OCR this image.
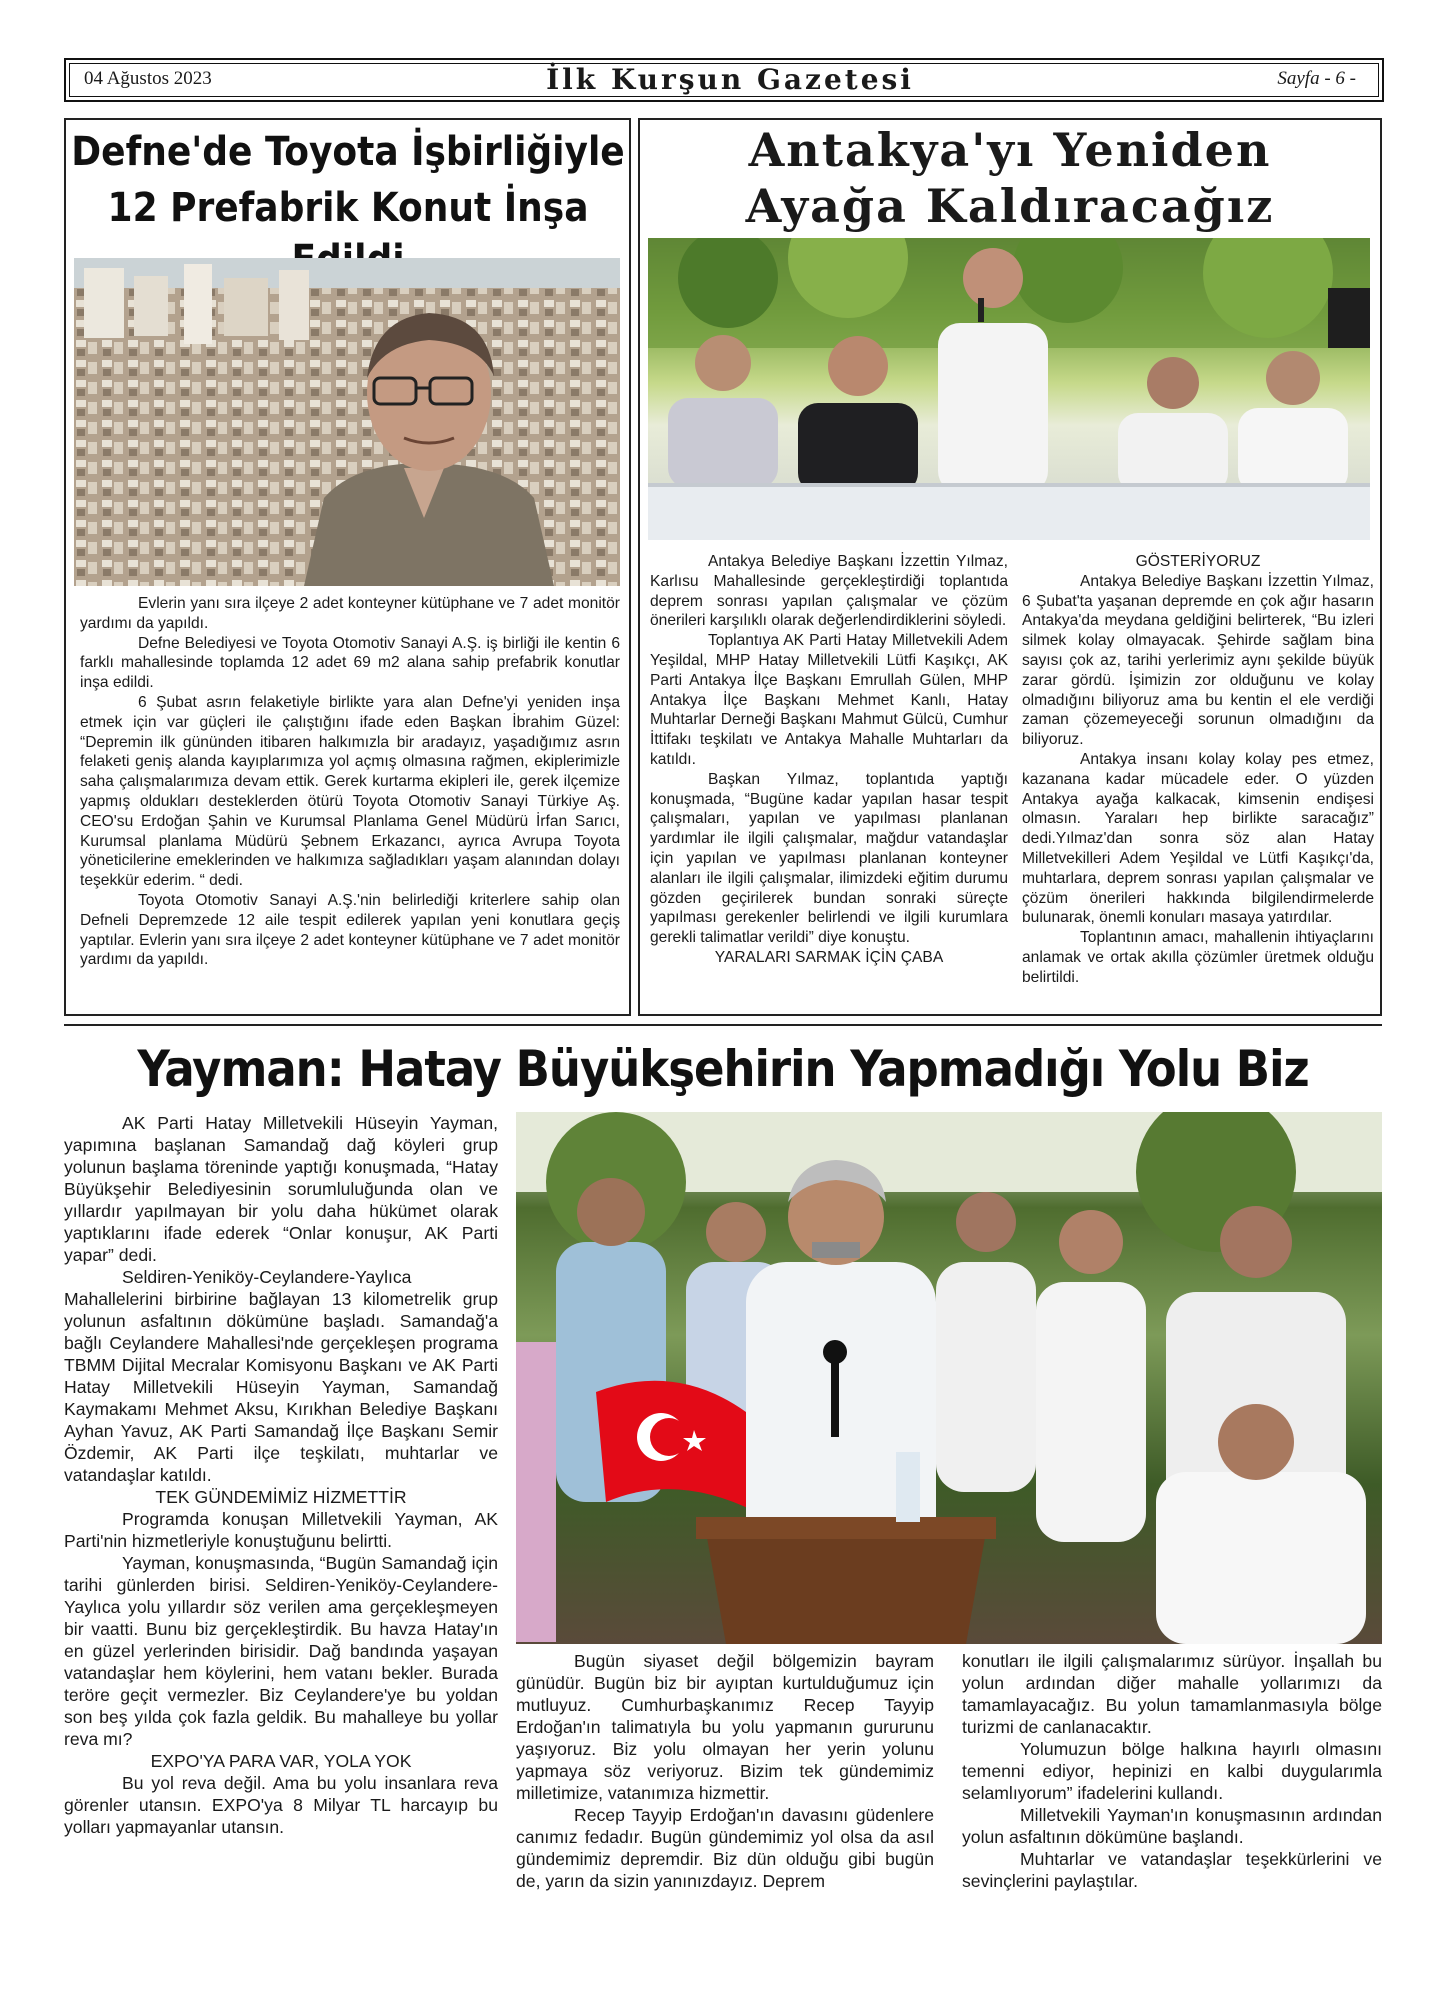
04 Ağustos 2023	İlk Kurşun Gazetesi	Sayfa - 6 -
Defne'de Toyota İşbirliğiyle
12 Prefabrik Konut İnşa

Evlerin yanı sıra ilçeye 2 adet konteyner kütüphane ve 7 adet monitör yardımı da yapıldı.

Defne Belediyesi ve Toyota Otomotiv Sanayi A.Ş. iş birliği ile kentin 6 farklı mahallesinde toplamda 12 adet 69 m2 alana sahip prefabrik konutlar inşa edildi.

6 Şubat asrın felaketiyle birlikte yara alan Defne'yi yeniden inşa etmek için var güçleri ile çalıştığını ifade eden Başkan İbrahim Güzel: “Depremin ilk gününden itibaren halkımızla bir aradayız, yaşadığımız asrın felaketi geniş alanda kayıplarımıza yol açmış olmasına rağmen, ekiplerimizle saha çalışmalarımıza devam ettik. Gerek kurtarma ekipleri ile, gerek ilçemize yapmış oldukları desteklerden ötürü Toyota Otomotiv Sanayi Türkiye Aş. CEO'su Erdoğan Şahin ve Kurumsal Planlama Genel Müdürü İrfan Sarıcı, Kurumsal planlama Müdürü Şebnem Erkazancı, ayrıca Avrupa Toyota yöneticilerine emeklerinden ve halkımıza sağladıkları yaşam alanından dolayı teşekkür ederim. “ dedi.

Toyota Otomotiv Sanayi A.Ş.'nin belirlediği kriterlere sahip olan Defneli Depremzede 12 aile tespit edilerek yapılan yeni konutlara geçiş yaptılar. Evlerin yanı sıra ilçeye 2 adet konteyner kütüphane ve 7 adet monitör yardımı da yapıldı.

Antakya'yı Yeniden
Ayağa Kaldıracağız

Antakya Belediye Başkanı İzzettin Yılmaz, Karlısu Mahallesinde gerçekleştirdiği toplantıda deprem sonrası yapılan çalışmalar ve çözüm önerileri karşılıklı olarak değerlendirdiklerini söyledi.

Toplantıya AK Parti Hatay Milletvekili Adem Yeşildal, MHP Hatay Milletvekili Lütfi Kaşıkçı, AK Parti Antakya İlçe Başkanı Emrullah Gülen, MHP Antakya İlçe Başkanı Mehmet Kanlı, Hatay Muhtarlar Derneği Başkanı Mahmut Gülcü, Cumhur İttifakı teşkilatı ve Antakya Mahalle Muhtarları da katıldı.

Başkan Yılmaz, toplantıda yaptığı konuşmada, “Bugüne kadar yapılan hasar tespit çalışmaları, yapılan ve yapılması planlanan yardımlar ile ilgili çalışmalar, mağdur vatandaşlar için yapılan ve yapılması planlanan konteyner alanları ile ilgili çalışmalar, ilimizdeki eğitim durumu gözden geçirilerek bundan sonraki süreçte yapılması gerekenler belirlendi ve ilgili kurumlara gerekli talimatlar verildi” diye konuştu.

YARALARI SARMAK İÇİN ÇABA

GÖSTERİYORUZ

Antakya Belediye Başkanı İzzettin Yılmaz, 6 Şubat'ta yaşanan depremde en çok ağır hasarın Antakya'da meydana geldiğini belirterek, “Bu izleri silmek kolay olmayacak. Şehirde sağlam bina sayısı çok az, tarihi yerlerimiz aynı şekilde büyük zarar gördü. İşimizin zor olduğunu ve kolay olmadığını biliyoruz ama bu kentin el ele verdiği zaman çözemeyeceği sorunun olmadığını da biliyoruz.

Antakya insanı kolay kolay pes etmez, kazanana kadar mücadele eder. O yüzden Antakya ayağa kalkacak, kimsenin endişesi olmasın. Yaraları hep birlikte saracağız” dedi.Yılmaz'dan sonra söz alan Hatay Milletvekilleri Adem Yeşildal ve Lütfi Kaşıkçı'da, muhtarlara, deprem sonrası yapılan çalışmalar ve çözüm önerileri hakkında bilgilendirmelerde bulunarak, önemli konuları masaya yatırdılar.

Toplantının amacı, mahallenin ihtiyaçlarını anlamak ve ortak akılla çözümler üretmek olduğu belirtildi.

Yayman: Hatay Büyükşehirin Yapmadığı Yolu Biz

AK Parti Hatay Milletvekili Hüseyin Yayman, yapımına başlanan Samandağ dağ köyleri grup yolunun başlama töreninde yaptığı konuşmada, “Hatay Büyükşehir Belediyesinin sorumluluğunda olan ve yıllardır yapılmayan bir yolu daha hükümet olarak yaptıklarını ifade ederek “Onlar konuşur, AK Parti yapar” dedi.

Seldiren-Yeniköy-Ceylandere-Yaylıca Mahallelerini birbirine bağlayan 13 kilometrelik grup yolunun asfaltının dökümüne başladı. Samandağ'a bağlı Ceylandere Mahallesi'nde gerçekleşen programa TBMM Dijital Mecralar Komisyonu Başkanı ve AK Parti Hatay Milletvekili Hüseyin Yayman, Samandağ Kaymakamı Mehmet Aksu, Kırıkhan Belediye Başkanı Ayhan Yavuz, AK Parti Samandağ İlçe Başkanı Semir Özdemir, AK Parti ilçe teşkilatı, muhtarlar ve vatandaşlar katıldı.

TEK GÜNDEMİMİZ HİZMETTİR

Programda konuşan Milletvekili Yayman, AK Parti'nin hizmetleriyle konuştuğunu belirtti.

Yayman, konuşmasında, “Bugün Samandağ için tarihi günlerden birisi. Seldiren-Yeniköy-Ceylandere-Yaylıca yolu yıllardır söz verilen ama gerçekleşmeyen bir vaatti. Bunu biz gerçekleştirdik. Bu havza Hatay'ın en güzel yerlerinden birisidir. Dağ bandında yaşayan vatandaşlar hem köylerini, hem vatanı bekler. Burada teröre geçit vermezler. Biz Ceylandere'ye bu yoldan son beş yılda çok fazla geldik. Bu mahalleye bu yollar reva mı?

EXPO'YA PARA VAR, YOLA YOK

Bu yol reva değil. Ama bu yolu insanlara reva görenler utansın. EXPO'ya 8 Milyar TL harcayıp bu yolları yapmayanlar utansın.

Bugün siyaset değil bölgemizin bayram günüdür. Bugün biz bir ayıptan kurtulduğumuz için mutluyuz. Cumhurbaşkanımız Recep Tayyip Erdoğan'ın talimatıyla bu yolu yapmanın gururunu yaşıyoruz. Biz yolu olmayan her yerin yolunu yapmaya söz veriyoruz. Bizim tek gündemimiz milletimize, vatanımıza hizmettir.

Recep Tayyip Erdoğan'ın davasını güdenlere canımız fedadır. Bugün gündemimiz yol olsa da asıl gündemimiz depremdir. Biz dün olduğu gibi bugün de, yarın da sizin yanınızdayız. Deprem

konutları ile ilgili çalışmalarımız sürüyor. İnşallah bu yolun ardından diğer mahalle yollarımızı da tamamlayacağız. Bu yolun tamamlanmasıyla bölge turizmi de canlanacaktır.

Yolumuzun bölge halkına hayırlı olmasını temenni ediyor, hepinizi en kalbi duygularımla selamlıyorum” ifadelerini kullandı.

Milletvekili Yayman'ın konuşmasının ardından yolun asfaltının dökümüne başlandı.

Muhtarlar ve vatandaşlar teşekkürlerini ve sevinçlerini paylaştılar.
